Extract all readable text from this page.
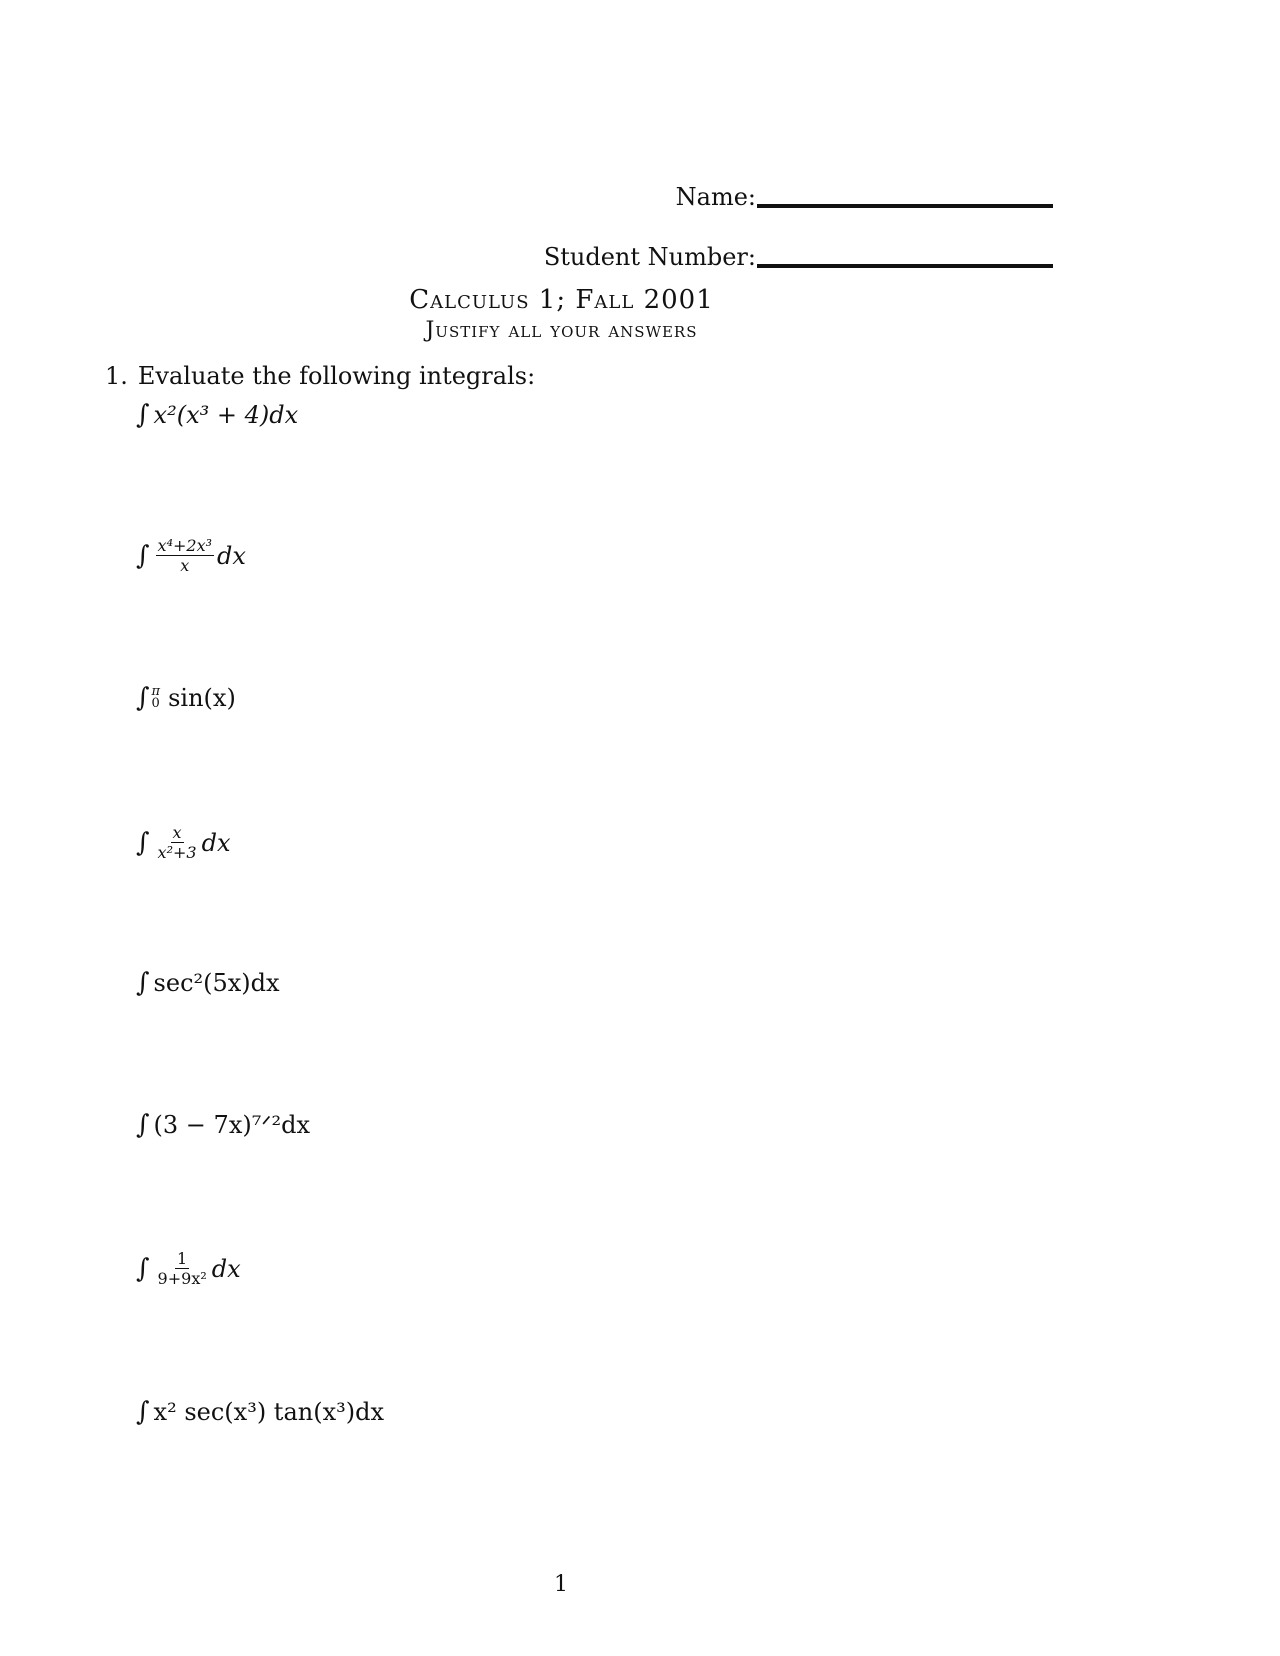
Name:
Student Number:
Calculus 1; Fall 2001
Justify all your answers
1. Evaluate the following integrals:
∫ x²(x³ + 4)dx
∫ $\frac{\text{x⁴+2x³}}{x}$ dx
∫ π
0 sin(x)
∫ $\frac{x}{\text{x²+3}}$ dx
∫ sec²(5x)dx
∫ (3 − 7x)⁷ᐟ²dx
∫ $\frac{1}{\text{9+9x²}}$ dx
∫ x² sec(x³) tan(x³)dx
1
